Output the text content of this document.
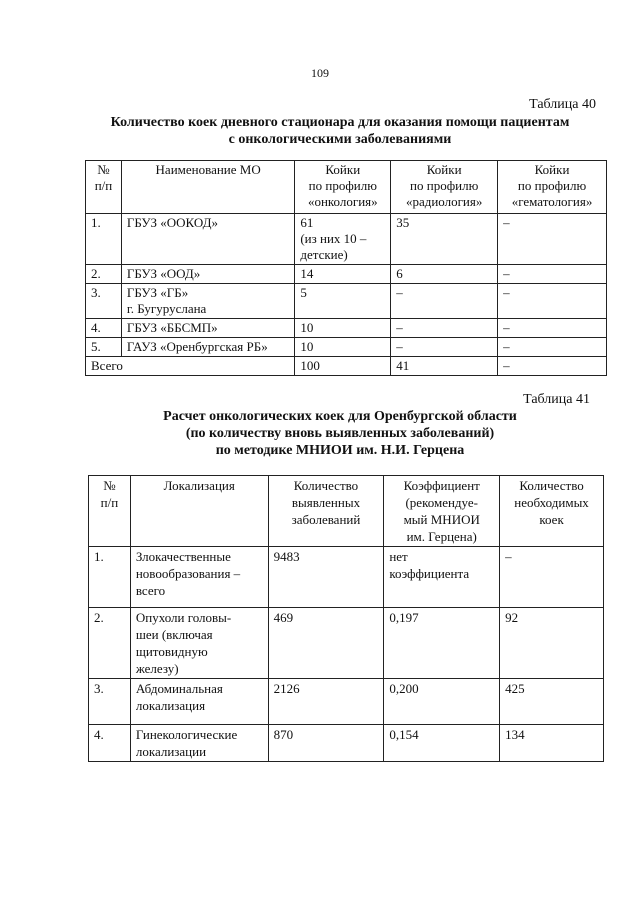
109
Таблица 40
Количество коек дневного стационара для оказания помощи пациентам
с онкологическими заболеваниями
№
п/п	Наименование МО	Койки
по профилю
«онкология»	Койки
по профилю
«радиология»	Койки
по профилю
«гематология»

1.	ГБУЗ «ООКОД»	61
(из них 10 –
детские)	35	–
2.	ГБУЗ «ООД»	14	6	–
3.	ГБУЗ «ГБ»
г. Бугуруслана	5	–	–
4.	ГБУЗ «ББСМП»	10	–	–
5.	ГАУЗ «Оренбургская РБ»	10	–	–
Всего		100	41	–
Таблица 41
Расчет онкологических коек для Оренбургской области
(по количеству вновь выявленных заболеваний)
по методике МНИОИ им. Н.И. Герцена
№
п/п	Локализация	Количество
выявленных
заболеваний	Коэффициент
(рекомендуе-
мый МНИОИ
им. Герцена)	Количество
необходимых
коек

1.	Злокачественные
новообразования –
всего	9483	нет
коэффициента	–
2.	Опухоли головы-
шеи (включая
щитовидную
железу)	469	0,197	92
3.	Абдоминальная
локализация	2126	0,200	425
4.	Гинекологические
локализации	870	0,154	134
